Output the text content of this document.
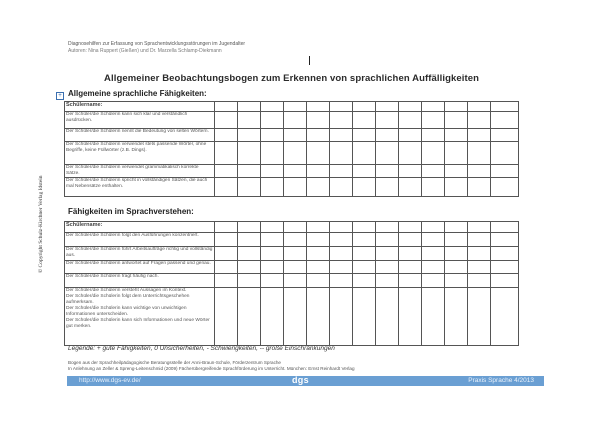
Diagnosehilfen zur Erfassung von Sprachentwicklungsstörungen im Jugendalter
Autoren: Nina Ruppert (Gießen) und Dr. Marzella Schlamp-Diekmann
Allgemeiner Beobachtungsbogen zum Erkennen von sprachlichen Auffälligkeiten
+ Allgemeine sprachliche Fähigkeiten:
© Copyright Schulz-Kirchner Verlag Idstein
Schülername:													
Der Schüler/die Schülerin kann sich klar und verständlich ausdrücken.													
Der Schüler/die Schülerin nennt die Bedeutung von selten Wörtern.													
Der Schüler/die Schülerin verwendet stets passende Wörter, ohne Begriffe, keine Füllwörter (z.B. Dings).													
Der Schüler/die Schülerin verwendet grammatikalisch korrekte Sätze.													
Der Schüler/die Schülerin spricht in vollständigen Sätzen, die auch mal Nebensätze enthalten.													
Fähigkeiten im Sprachverstehen:
Schülername:													
Der Schüler/die Schülerin folgt den Ausführungen konzentriert.													
Der Schüler/die Schülerin führt Arbeitsaufträge richtig und vollständig aus.													
Der Schüler/die Schülerin antwortet auf Fragen passend und genau.													
Der Schüler/die Schülerin fragt häufig nach.													
Der Schüler/die Schülerin versteht Aussagen im Kontext.
Der Schüler/die Schülerin folgt dem Unterrichtsgeschehen aufmerksam.
Der Schüler/die Schülerin kann wichtige von unwichtigen Informationen unterscheiden.
Der Schüler/die Schülerin kann sich Informationen und neue Wörter gut merken.													
Legende: + gute Fähigkeiten, 0 Unsicherheiten, - Schwierigkeiten, -- große Einschränkungen
Bogen aus der Sprachheilpädagogische Beratungsstelle der Anni-Braun-Schule, Förderzentrum Sprache
In Anlehnung an Zeller & Spreng-Leitenschmid (2009) Fächerübergreifende Sprachförderung im Unterricht. München: Ernst Reinhardt Verlag
http://www.dgs-ev.de/	dgs	Praxis Sprache 4/2013
